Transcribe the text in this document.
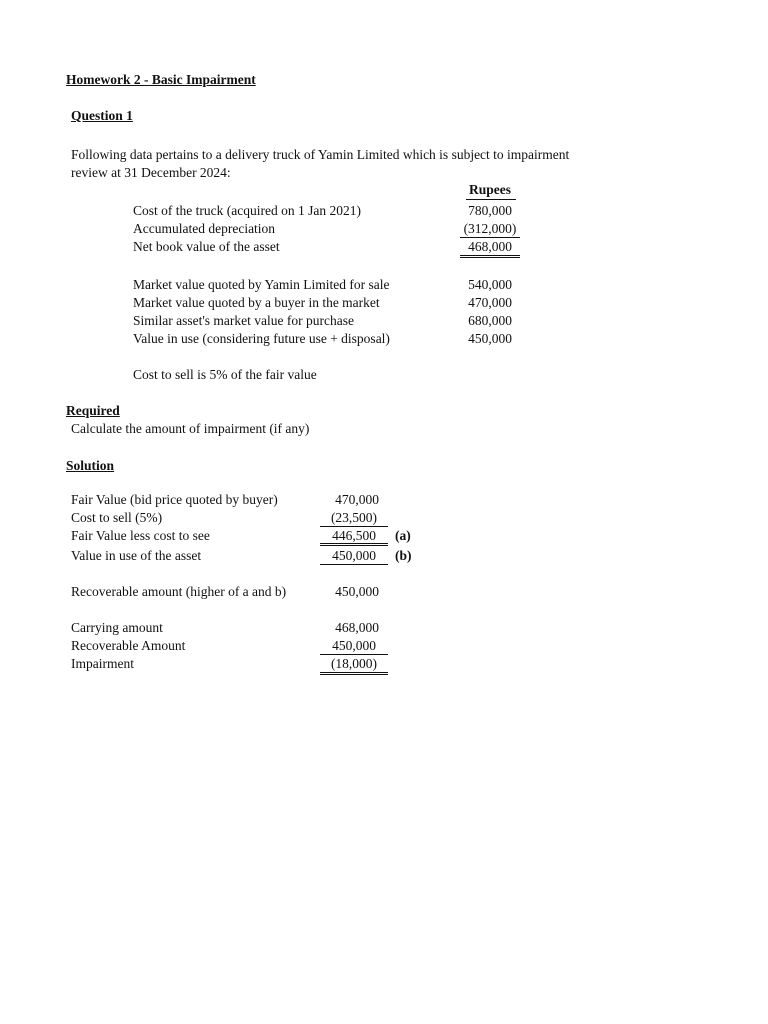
Homework 2 - Basic Impairment
Question 1
Following data pertains to a delivery truck of Yamin Limited which is subject to impairment
review at 31 December 2024:
Rupees
Cost of the truck (acquired on 1 Jan 2021)	780,000
Accumulated depreciation	(312,000)
Net book value of the asset	468,000
Market value quoted by Yamin Limited for sale	540,000
Market value quoted by a buyer in the market	470,000
Similar asset's market value for purchase	680,000
Value in use (considering future use + disposal)	450,000
Cost to sell is 5% of the fair value
Required
Calculate the amount of impairment (if any)
Solution
Fair Value (bid price quoted by buyer)	470,000
Cost to sell (5%)	(23,500)
Fair Value less cost to see	446,500	(a)
Value in use of the asset	450,000	(b)
Recoverable amount (higher of a and b)	450,000
Carrying amount	468,000
Recoverable Amount	450,000
Impairment	(18,000)
